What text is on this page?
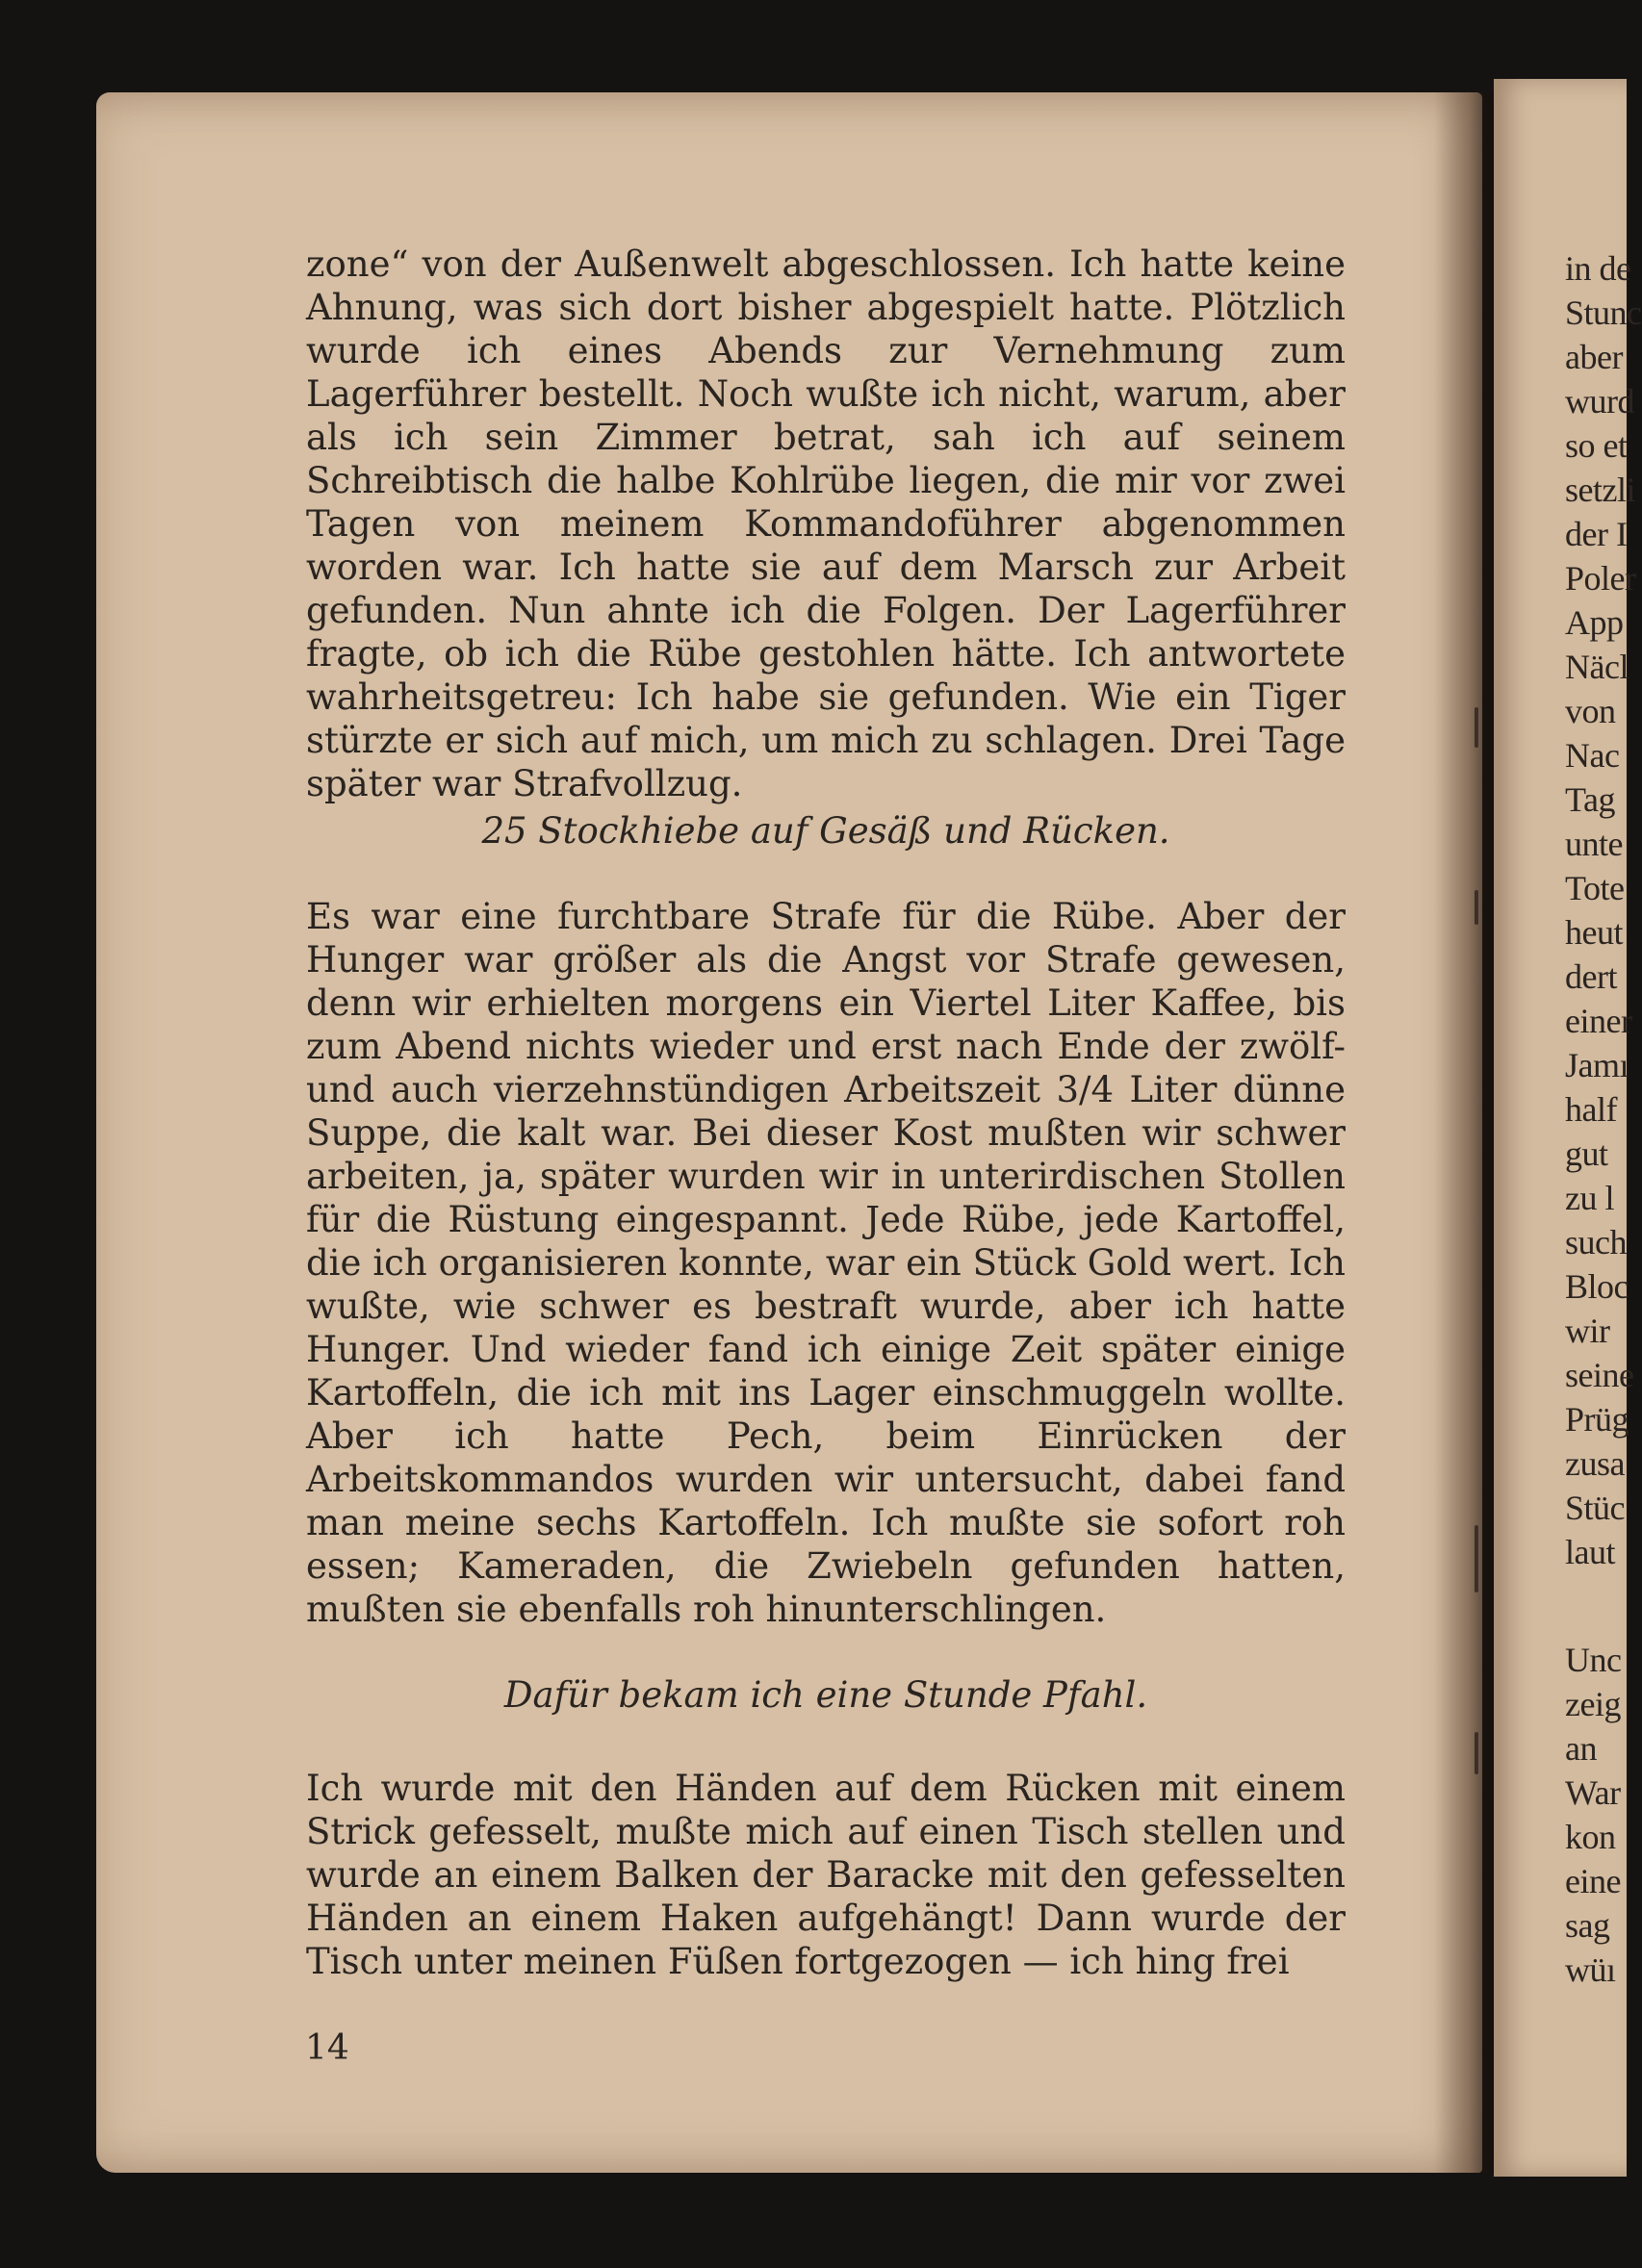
in de
Stunc
aber
wurd
so et
setzli
der I
Poler
App
Näcl
von
Nac
Tag
unte
Tote
heut
dert
einer
Jamı
half
gut
zu l
such
Bloc
wir
seine
Prüg
zusa
Stüc
laut
Unc
zeig
an
War
kon
eine
sag
wüı
zone“ von der Außenwelt abgeschlossen. Ich hatte keine Ahnung, was sich dort bisher abgespielt hatte. Plötzlich wurde ich eines Abends zur Vernehmung zum Lagerführer bestellt. Noch wußte ich nicht, warum, aber als ich sein Zimmer betrat, sah ich auf seinem Schreibtisch die halbe Kohlrübe liegen, die mir vor zwei Tagen von meinem Kommandoführer abgenommen worden war. Ich hatte sie auf dem Marsch zur Arbeit gefunden. Nun ahnte ich die Folgen. Der Lagerführer fragte, ob ich die Rübe gestohlen hätte. Ich antwortete wahrheitsgetreu: Ich habe sie gefunden. Wie ein Tiger stürzte er sich auf mich, um mich zu schlagen. Drei Tage später war Strafvollzug.
25 Stockhiebe auf Gesäß und Rücken.
Es war eine furchtbare Strafe für die Rübe. Aber der Hunger war größer als die Angst vor Strafe gewesen, denn wir erhielten morgens ein Viertel Liter Kaffee, bis zum Abend nichts wieder und erst nach Ende der zwölf- und auch vierzehnstündigen Arbeitszeit 3/4 Liter dünne Suppe, die kalt war. Bei dieser Kost mußten wir schwer arbeiten, ja, später wurden wir in unterirdischen Stollen für die Rüstung eingespannt. Jede Rübe, jede Kartoffel, die ich organisieren konnte, war ein Stück Gold wert. Ich wußte, wie schwer es bestraft wurde, aber ich hatte Hunger. Und wieder fand ich einige Zeit später einige Kartoffeln, die ich mit ins Lager einschmuggeln wollte. Aber ich hatte Pech, beim Einrücken der Arbeitskommandos wurden wir untersucht, dabei fand man meine sechs Kartoffeln. Ich mußte sie sofort roh essen; Kameraden, die Zwiebeln gefunden hatten, mußten sie ebenfalls roh hinunterschlingen.
Dafür bekam ich eine Stunde Pfahl.
Ich wurde mit den Händen auf dem Rücken mit einem Strick gefesselt, mußte mich auf einen Tisch stellen und wurde an einem Balken der Baracke mit den gefesselten Händen an einem Haken aufgehängt! Dann wurde der Tisch unter meinen Füßen fortgezogen — ich hing frei
14
